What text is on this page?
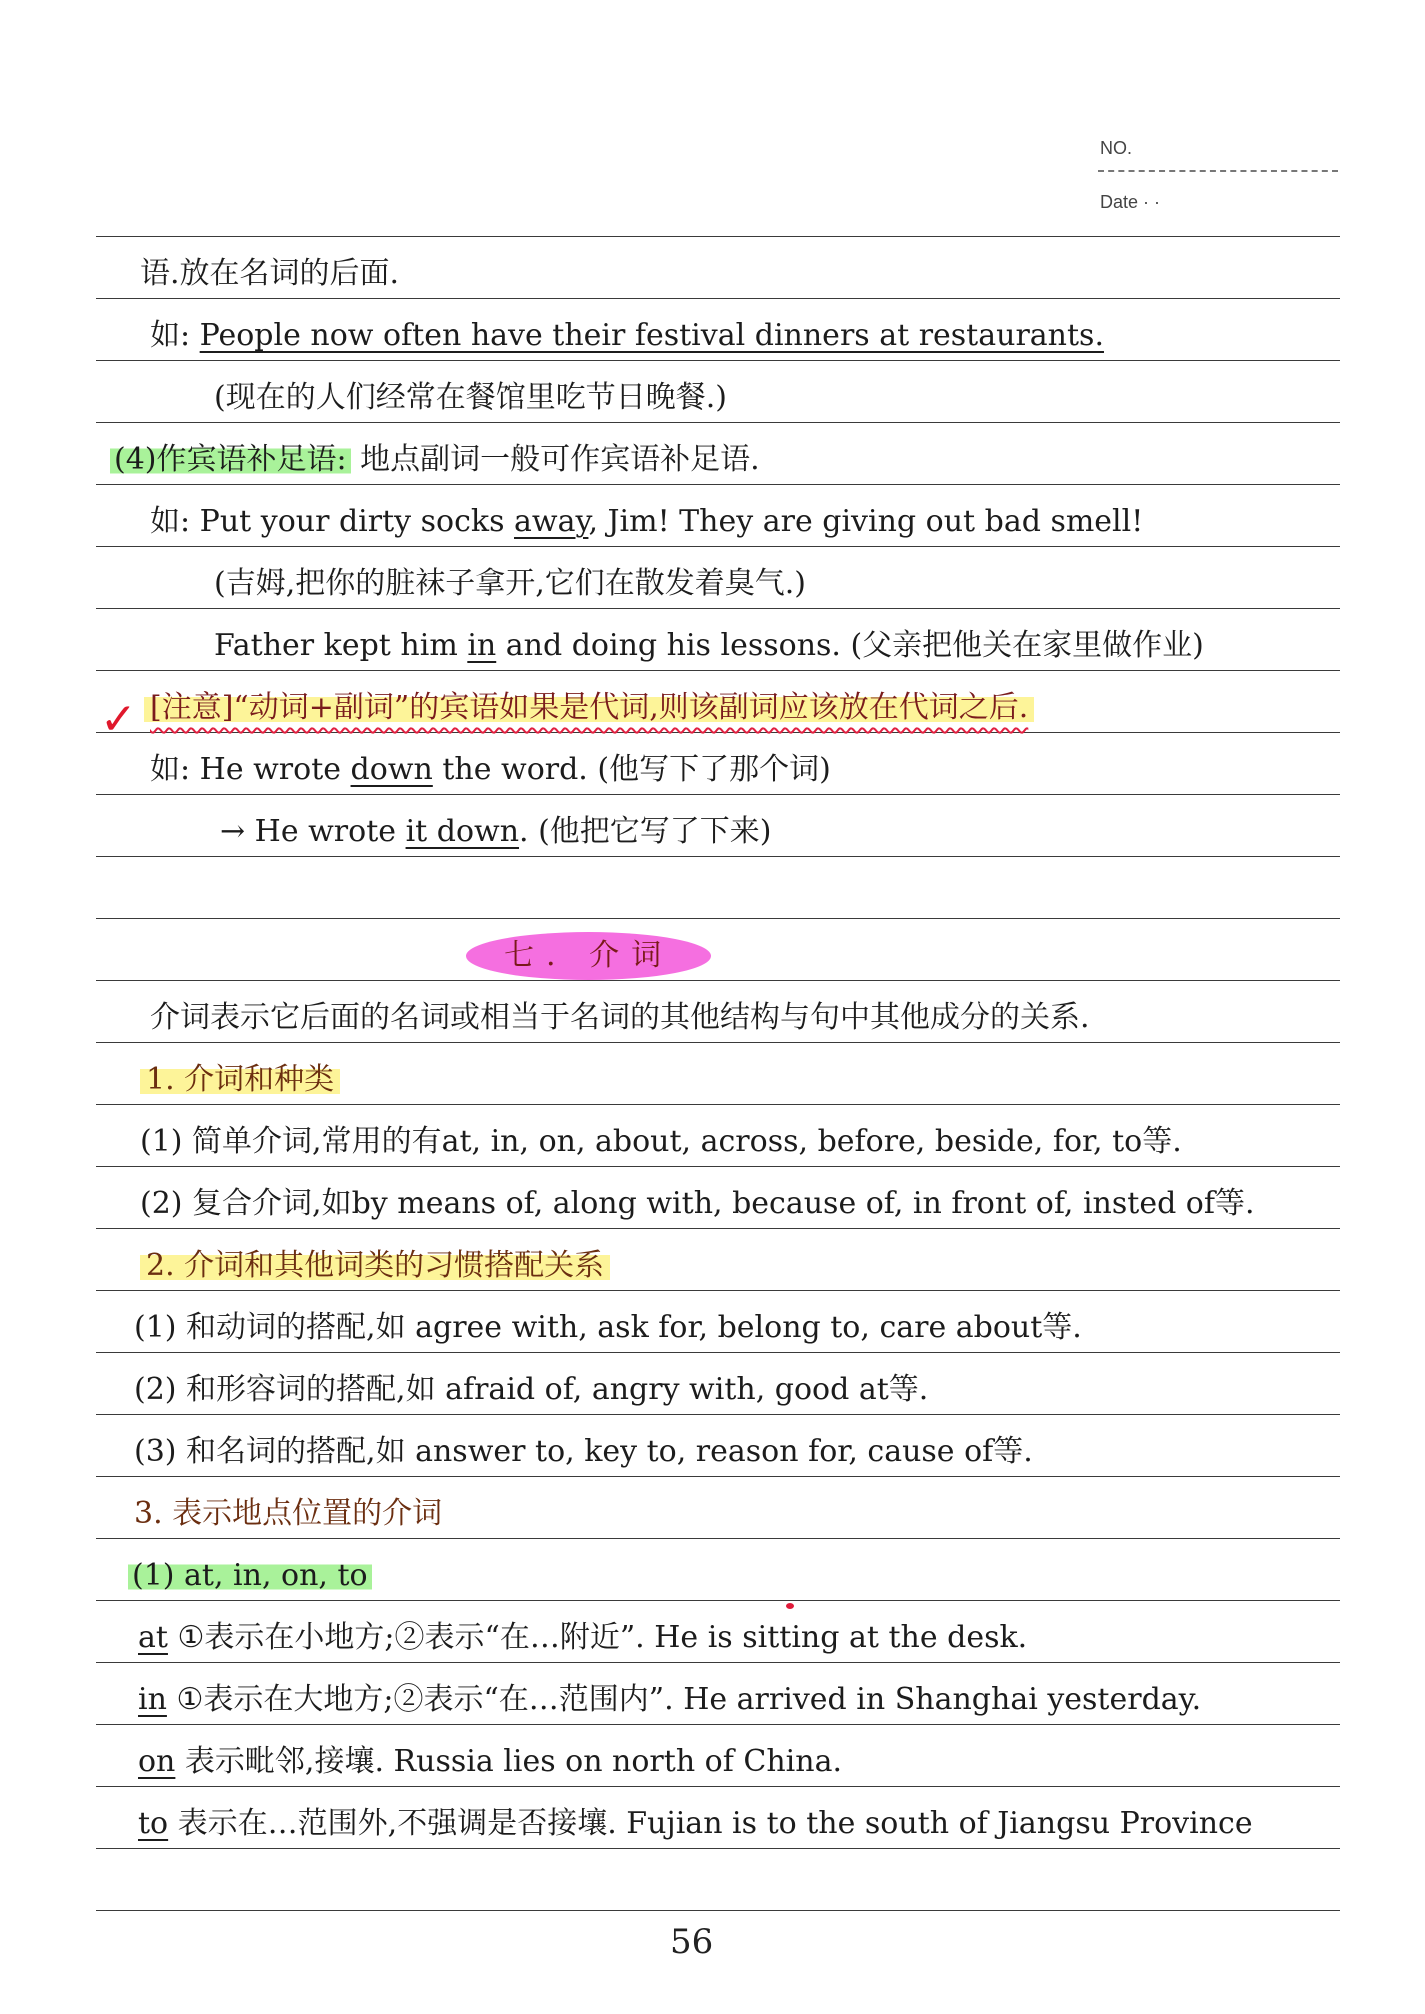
NO.
Date · ·
语.放在名词的后面.
如: People now often have their festival dinners at restaurants.
(现在的人们经常在餐馆里吃节日晚餐.)
(4)作宾语补足语: 地点副词一般可作宾语补足语.
如: Put your dirty socks away, Jim! They are giving out bad smell!
(吉姆,把你的脏袜子拿开,它们在散发着臭气.)
Father kept him in and doing his lessons. (父亲把他关在家里做作业)
✓ [注意]“动词+副词”的宾语如果是代词,则该副词应该放在代词之后.
如: He wrote down the word. (他写下了那个词)
→ He wrote it down. (他把它写了下来)
七. 介词
介词表示它后面的名词或相当于名词的其他结构与句中其他成分的关系.
1. 介词和种类
(1) 简单介词,常用的有at, in, on, about, across, before, beside, for, to等.
(2) 复合介词,如by means of, along with, because of, in front of, insted of等.
2. 介词和其他词类的习惯搭配关系
(1) 和动词的搭配,如 agree with, ask for, belong to, care about等.
(2) 和形容词的搭配,如 afraid of, angry with, good at等.
(3) 和名词的搭配,如 answer to, key to, reason for, cause of等.
3. 表示地点位置的介词
(1) at, in, on, to
at ①表示在小地方;②表示“在…附近”. He is sitting at the desk.
in ①表示在大地方;②表示“在…范围内”. He arrived in Shanghai yesterday.
on 表示毗邻,接壤. Russia lies on north of China.
to 表示在…范围外,不强调是否接壤. Fujian is to the south of Jiangsu Province
56
